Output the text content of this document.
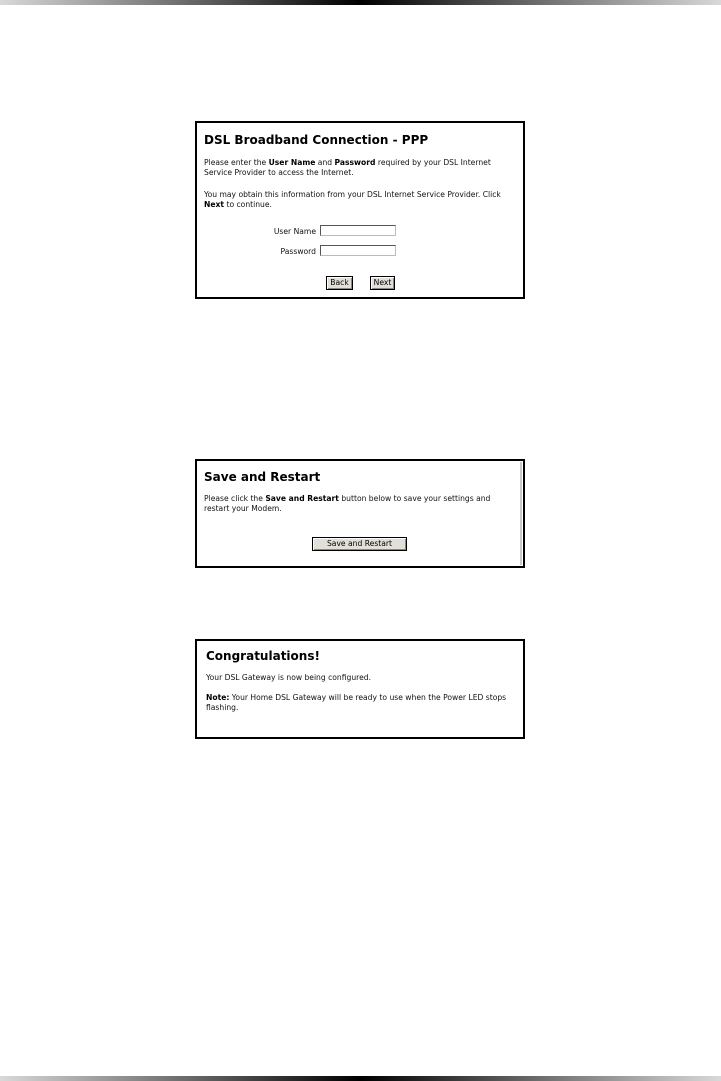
DSL Broadband Connection - PPP
Please enter the User Name and Password required by your DSL Internet Service Provider to access the Internet.
You may obtain this information from your DSL Internet Service Provider. Click Next to continue.
User Name
Password
Back	Next
Save and Restart
Please click the Save and Restart button below to save your settings and restart your Modem.
Save and Restart
Congratulations!
Your DSL Gateway is now being configured.
Note: Your Home DSL Gateway will be ready to use when the Power LED stops flashing.
